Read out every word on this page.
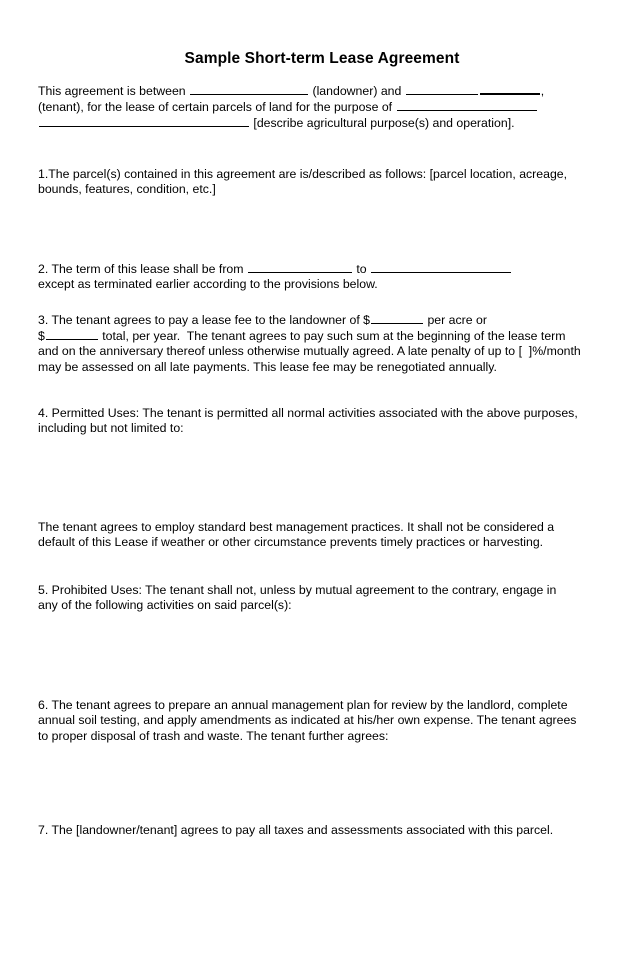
Sample Short-term Lease Agreement
This agreement is between	(landowner) and	,
(tenant), for the lease of certain parcels of land for the purpose of
[describe agricultural purpose(s) and operation].

1.The parcel(s) contained in this agreement are is/described as follows: [parcel location, acreage, bounds, features, condition, etc.]

2. The term of this lease shall be from	to
except as terminated earlier according to the provisions below.
3. The tenant agrees to pay a lease fee to the landowner of $	per acre or
$	total, per year.  The tenant agrees to pay such sum at the beginning of the lease term and on the anniversary thereof unless otherwise mutually agreed. A late penalty of up to [  ]%/month may be assessed on all late payments. This lease fee may be renegotiated annually.

4. Permitted Uses: The tenant is permitted all normal activities associated with the above purposes, including but not limited to:

The tenant agrees to employ standard best management practices. It shall not be considered a default of this Lease if weather or other circumstance prevents timely practices or harvesting.

5. Prohibited Uses: The tenant shall not, unless by mutual agreement to the contrary, engage in any of the following activities on said parcel(s):

6. The tenant agrees to prepare an annual management plan for review by the landlord, complete annual soil testing, and apply amendments as indicated at his/her own expense. The tenant agrees to proper disposal of trash and waste. The tenant further agrees:

7. The [landowner/tenant] agrees to pay all taxes and assessments associated with this parcel.
